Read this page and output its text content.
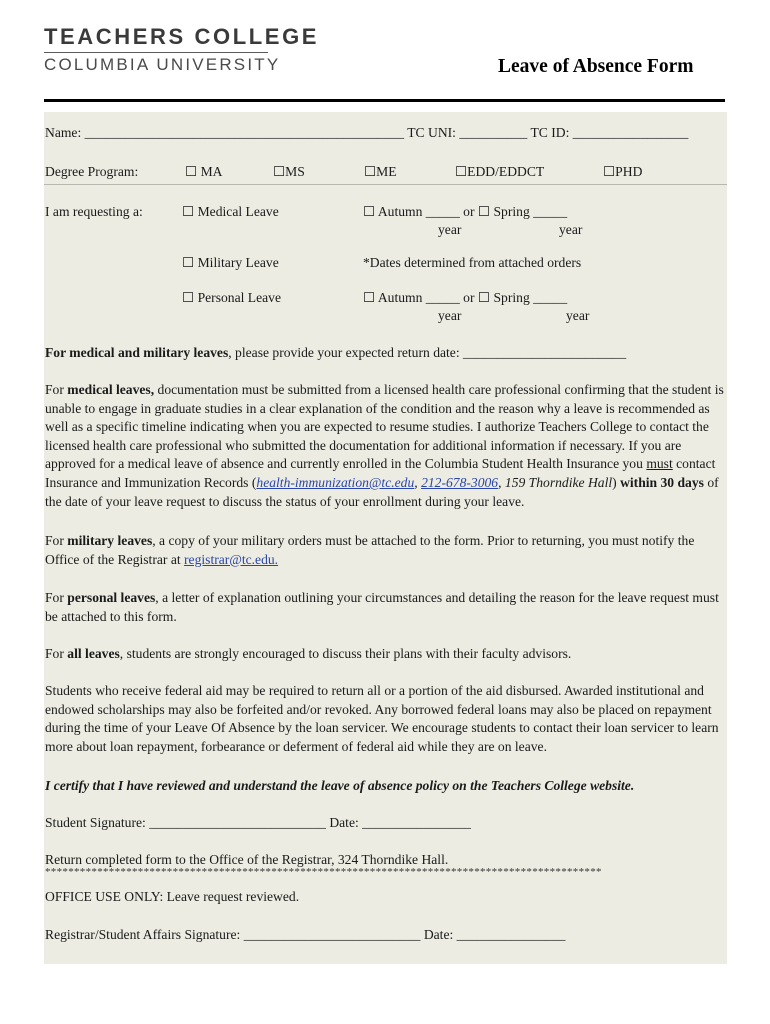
TEACHERS COLLEGE
COLUMBIA UNIVERSITY	Leave of Absence Form
Name: _______________________________________________ TC UNI: __________ TC ID: _________________
Degree Program:	☐ MA	☐MS	☐ME	☐EDD/EDDCT	☐PHD
I am requesting a:	☐ Medical Leave	☐ Autumn _____ or ☐ Spring _____
year	year
☐ Military Leave	*Dates determined from attached orders
☐ Personal Leave	☐ Autumn _____ or ☐ Spring _____
year	year

For medical and military leaves, please provide your expected return date: ________________________

For medical leaves, documentation must be submitted from a licensed health care professional confirming that the student is unable to engage in graduate studies in a clear explanation of the condition and the reason why a leave is recommended as well as a specific timeline indicating when you are expected to resume studies. I authorize Teachers College to contact the licensed health care professional who submitted the documentation for additional information if necessary. If you are approved for a medical leave of absence and currently enrolled in the Columbia Student Health Insurance you must contact Insurance and Immunization Records (health-immunization@tc.edu, 212-678-3006, 159 Thorndike Hall) within 30 days of the date of your leave request to discuss the status of your enrollment during your leave.

For military leaves, a copy of your military orders must be attached to the form. Prior to returning, you must notify the Office of the Registrar at registrar@tc.edu.

For personal leaves, a letter of explanation outlining your circumstances and detailing the reason for the leave request must be attached to this form.

For all leaves, students are strongly encouraged to discuss their plans with their faculty advisors.

Students who receive federal aid may be required to return all or a portion of the aid disbursed. Awarded institutional and endowed scholarships may also be forfeited and/or revoked. Any borrowed federal loans may also be placed on repayment during the time of your Leave Of Absence by the loan servicer. We encourage students to contact their loan servicer to learn more about loan repayment, forbearance or deferment of federal aid while they are on leave.

I certify that I have reviewed and understand the leave of absence policy on the Teachers College website.

Student Signature: __________________________ Date: ________________
Return completed form to the Office of the Registrar, 324 Thorndike Hall.
************************************************************************************************
OFFICE USE ONLY: Leave request reviewed.
Registrar/Student Affairs Signature: __________________________ Date: ________________
